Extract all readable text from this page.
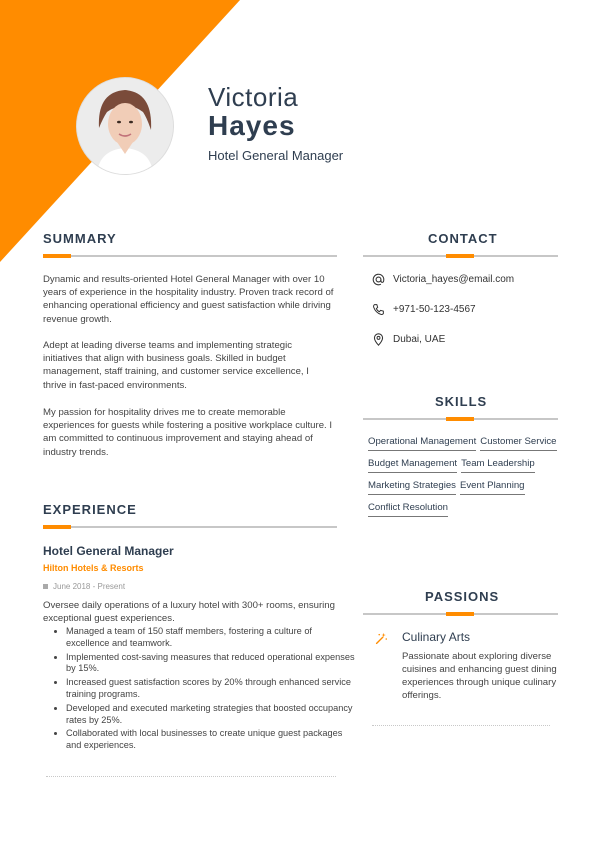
Victoria
Hayes
Hotel General Manager
SUMMARY
Dynamic and results-oriented Hotel General Manager with over 10 years of experience in the hospitality industry. Proven track record of enhancing operational efficiency and guest satisfaction while driving revenue growth.
Adept at leading diverse teams and implementing strategic initiatives that align with business goals. Skilled in budget management, staff training, and customer service excellence, I thrive in fast-paced environments.
My passion for hospitality drives me to create memorable experiences for guests while fostering a positive workplace culture. I am committed to continuous improvement and staying ahead of industry trends.
CONTACT
Victoria_hayes@email.com
+971-50-123-4567
Dubai, UAE
SKILLS
Operational Management Customer Service
Budget Management Team Leadership
Marketing Strategies Event Planning
Conflict Resolution
EXPERIENCE
Hotel General Manager
Hilton Hotels & Resorts
June 2018 - Present
Oversee daily operations of a luxury hotel with 300+ rooms, ensuring exceptional guest experiences.
• Managed a team of 150 staff members, fostering a culture of excellence and teamwork.
• Implemented cost-saving measures that reduced operational expenses by 15%.
• Increased guest satisfaction scores by 20% through enhanced service training programs.
• Developed and executed marketing strategies that boosted occupancy rates by 25%.
• Collaborated with local businesses to create unique guest packages and experiences.
PASSIONS
Culinary Arts
Passionate about exploring diverse cuisines and enhancing guest dining experiences through unique culinary offerings.
